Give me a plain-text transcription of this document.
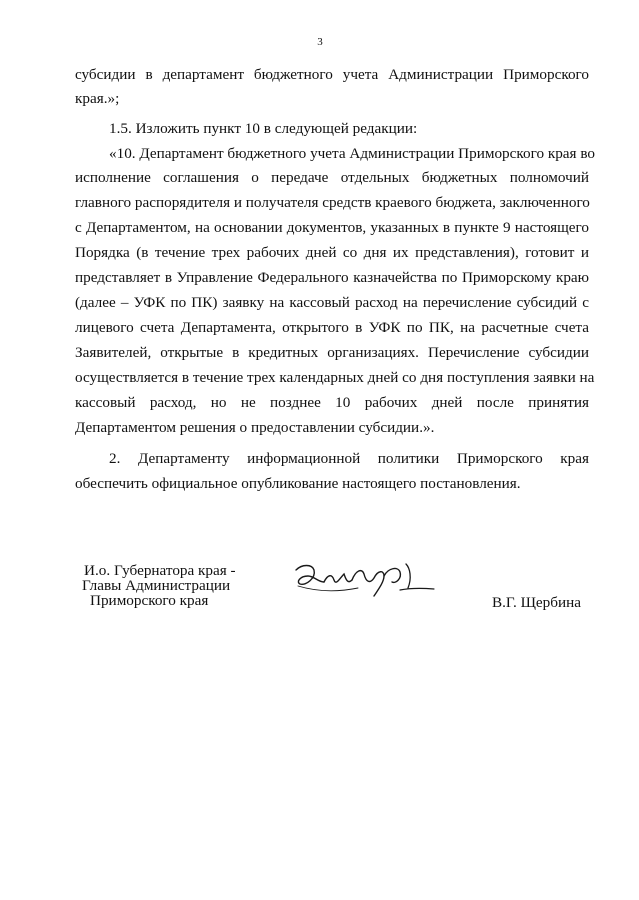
3
субсидии в департамент бюджетного учета Администрации Приморского
края.»;
1.5. Изложить пункт 10 в следующей редакции:
«10. Департамент бюджетного учета Администрации Приморского края во
исполнение соглашения о передаче отдельных бюджетных полномочий
главного распорядителя и получателя средств краевого бюджета, заключенного
с Департаментом, на основании документов, указанных в пункте 9 настоящего
Порядка (в течение трех рабочих дней со дня их представления), готовит и
представляет в Управление Федерального казначейства по Приморскому краю
(далее – УФК по ПК) заявку на кассовый расход на перечисление субсидий с
лицевого счета Департамента, открытого в УФК по ПК, на расчетные счета
Заявителей, открытые в кредитных организациях. Перечисление субсидии
осуществляется в течение трех календарных дней со дня поступления заявки на
кассовый расход, но не позднее 10 рабочих дней после принятия
Департаментом решения о предоставлении субсидии.».
2. Департаменту информационной политики Приморского края
обеспечить официальное опубликование настоящего постановления.
И.о. Губернатора края -
Главы Администрации
Приморского края	В.Г. Щербина
